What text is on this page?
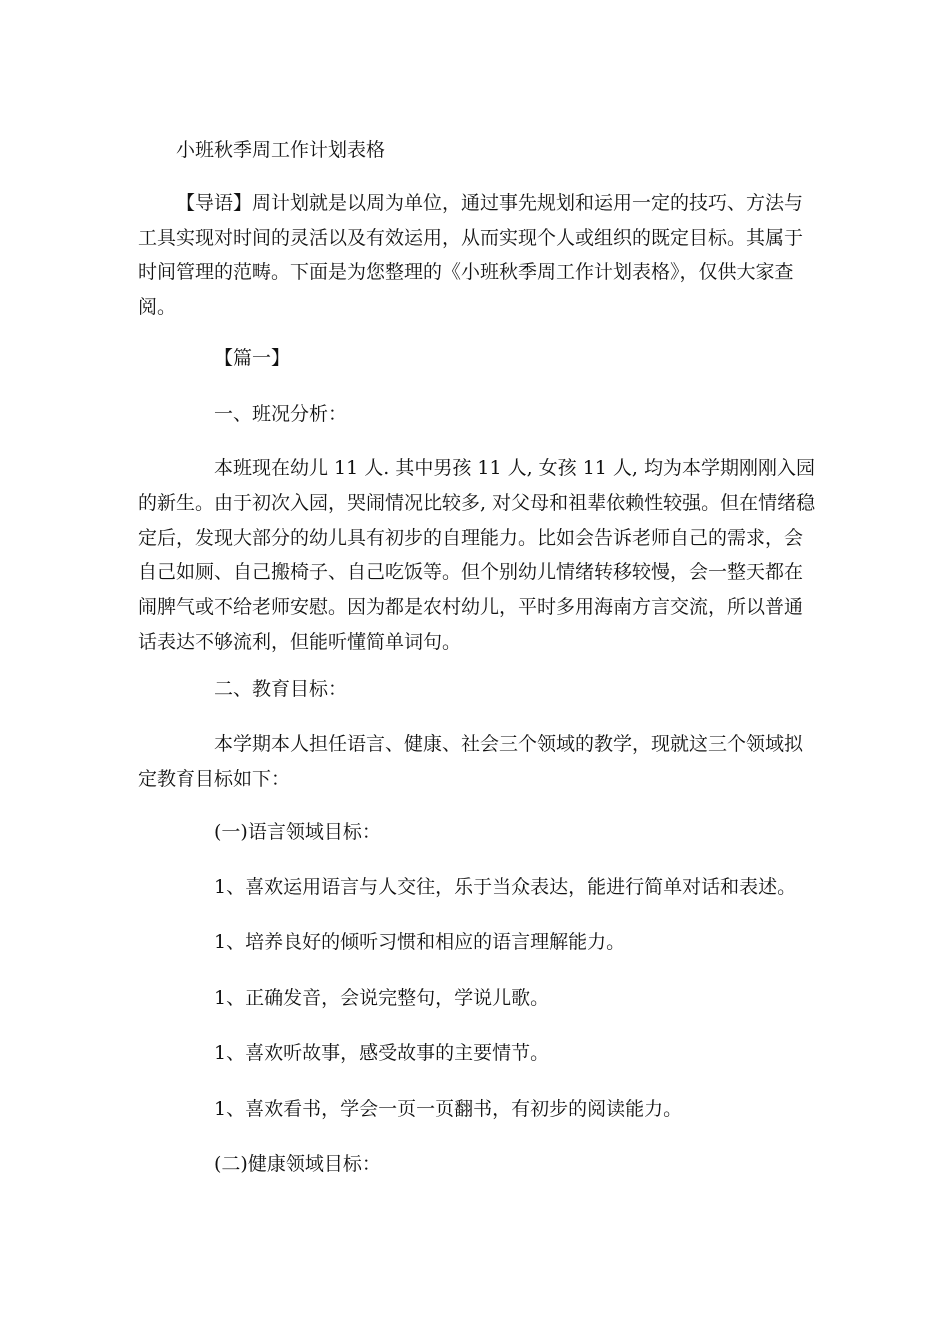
小班秋季周工作计划表格

【导语】周计划就是以周为单位，通过事先规划和运用一定的技巧、方法与工具实现对时间的灵活以及有效运用，从而实现个人或组织的既定目标。其属于时间管理的范畴。下面是为您整理的《小班秋季周工作计划表格》，仅供大家查阅。

【篇一】

一、班况分析：

本班现在幼儿 11 人. 其中男孩 11 人, 女孩 11 人, 均为本学期刚刚入园的新生。由于初次入园，哭闹情况比较多, 对父母和祖辈依赖性较强。但在情绪稳定后，发现大部分的幼儿具有初步的自理能力。比如会告诉老师自己的需求，会自己如厕、自己搬椅子、自己吃饭等。但个别幼儿情绪转移较慢，会一整天都在闹脾气或不给老师安慰。因为都是农村幼儿，平时多用海南方言交流，所以普通话表达不够流利，但能听懂简单词句。

二、教育目标：

本学期本人担任语言、健康、社会三个领域的教学，现就这三个领域拟定教育目标如下：

(一)语言领域目标：

1、喜欢运用语言与人交往，乐于当众表达，能进行简单对话和表述。

1、培养良好的倾听习惯和相应的语言理解能力。

1、正确发音，会说完整句，学说儿歌。

1、喜欢听故事，感受故事的主要情节。

1、喜欢看书，学会一页一页翻书，有初步的阅读能力。

(二)健康领域目标：
